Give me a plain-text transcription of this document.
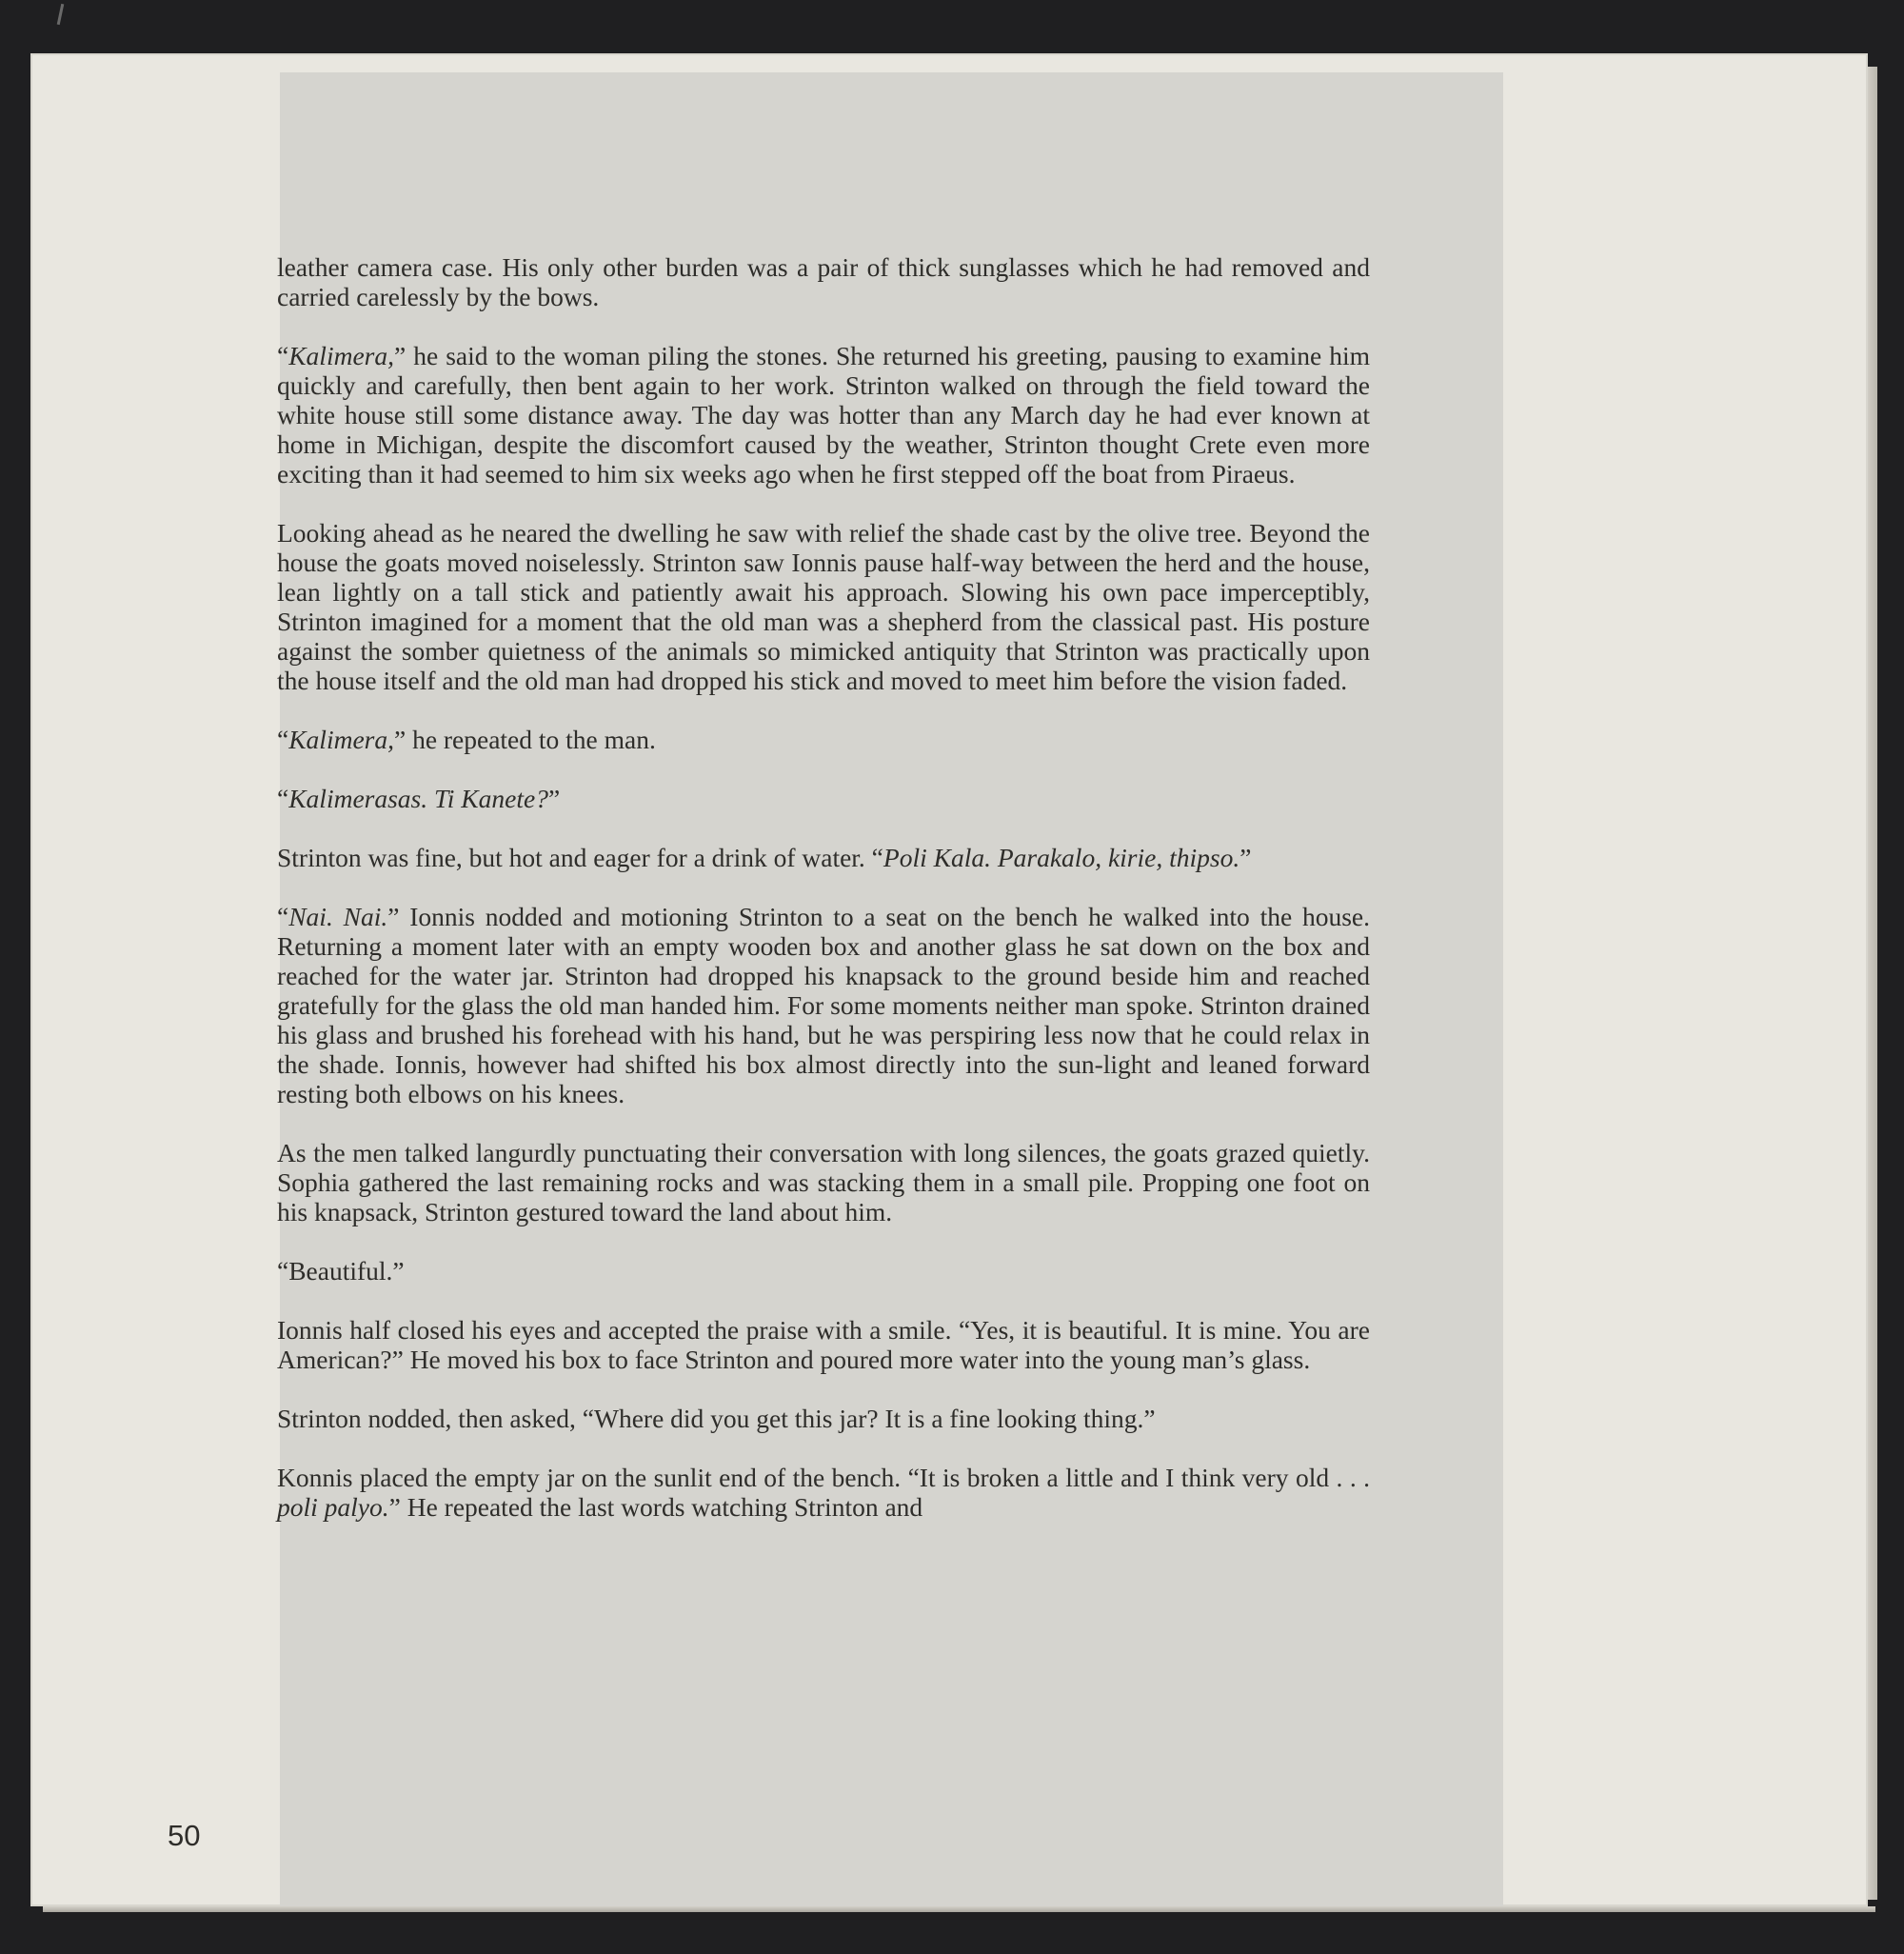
leather camera case. His only other burden was a pair of thick sunglasses which he had removed and carried carelessly by the bows.

“Kalimera,” he said to the woman piling the stones. She returned his greeting, pausing to examine him quickly and carefully, then bent again to her work. Strinton walked on through the field toward the white house still some distance away. The day was hotter than any March day he had ever known at home in Michigan, despite the discomfort caused by the weather, Strinton thought Crete even more exciting than it had seemed to him six weeks ago when he first stepped off the boat from Piraeus.

Looking ahead as he neared the dwelling he saw with relief the shade cast by the olive tree. Beyond the house the goats moved noiselessly. Strinton saw Ionnis pause half-way between the herd and the house, lean lightly on a tall stick and patiently await his approach. Slowing his own pace imperceptibly, Strinton imagined for a moment that the old man was a shepherd from the classical past. His posture against the somber quietness of the animals so mimicked antiquity that Strinton was practically upon the house itself and the old man had dropped his stick and moved to meet him before the vision faded.

“Kalimera,” he repeated to the man.

“Kalimerasas. Ti Kanete?”

Strinton was fine, but hot and eager for a drink of water. “Poli Kala. Parakalo, kirie, thipso.”

“Nai. Nai.” Ionnis nodded and motioning Strinton to a seat on the bench he walked into the house. Returning a moment later with an empty wooden box and another glass he sat down on the box and reached for the water jar. Strinton had dropped his knapsack to the ground beside him and reached gratefully for the glass the old man handed him. For some moments neither man spoke. Strinton drained his glass and brushed his forehead with his hand, but he was perspiring less now that he could relax in the shade. Ionnis, however had shifted his box almost directly into the sun-light and leaned forward resting both elbows on his knees.

As the men talked langurdly punctuating their conversation with long silences, the goats grazed quietly. Sophia gathered the last remaining rocks and was stacking them in a small pile. Propping one foot on his knapsack, Strinton gestured toward the land about him.

“Beautiful.”

Ionnis half closed his eyes and accepted the praise with a smile. “Yes, it is beautiful. It is mine. You are American?” He moved his box to face Strinton and poured more water into the young man’s glass.

Strinton nodded, then asked, “Where did you get this jar? It is a fine looking thing.”

Konnis placed the empty jar on the sunlit end of the bench. “It is broken a little and I think very old . . . poli palyo.” He repeated the last words watching Strinton and

50
